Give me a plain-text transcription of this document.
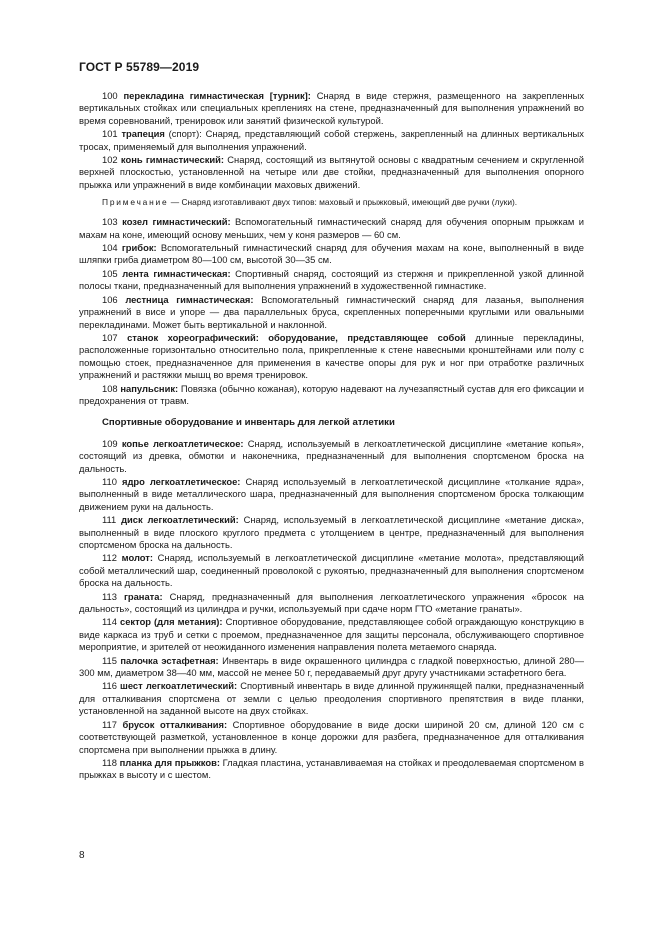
ГОСТ Р 55789—2019

100 перекладина гимнастическая [турник]: Снаряд в виде стержня, размещенного на закрепленных вертикальных стойках или специальных креплениях на стене, предназначенный для выполнения упражнений во время соревнований, тренировок или занятий физической культурой.

101 трапеция (спорт): Снаряд, представляющий собой стержень, закрепленный на длинных вертикальных тросах, применяемый для выполнения упражнений.

102 конь гимнастический: Снаряд, состоящий из вытянутой основы с квадратным сечением и скругленной верхней плоскостью, установленной на четыре или две стойки, предназначенный для выполнения опорного прыжка или упражнений в виде комбинации маховых движений.

Примечание — Снаряд изготавливают двух типов: маховый и прыжковый, имеющий две ручки (луки).

103 козел гимнастический: Вспомогательный гимнастический снаряд для обучения опорным прыжкам и махам на коне, имеющий основу меньших, чем у коня размеров — 60 см.

104 грибок: Вспомогательный гимнастический снаряд для обучения махам на коне, выполненный в виде шляпки гриба диаметром 80—100 см, высотой 30—35 см.

105 лента гимнастическая: Спортивный снаряд, состоящий из стержня и прикрепленной узкой длинной полосы ткани, предназначенный для выполнения упражнений в художественной гимнастике.

106 лестница гимнастическая: Вспомогательный гимнастический снаряд для лазанья, выполнения упражнений в висе и упоре — два параллельных бруса, скрепленных поперечными круглыми или овальными перекладинами. Может быть вертикальной и наклонной.

107 станок хореографический: оборудование, представляющее собой длинные перекладины, расположенные горизонтально относительно пола, прикрепленные к стене навесными кронштейнами или полу с помощью стоек, предназначенное для применения в качестве опоры для рук и ног при отработке различных упражнений и растяжки мышц во время тренировок.

108 напульсник: Повязка (обычно кожаная), которую надевают на лучезапястный сустав для его фиксации и предохранения от травм.

Спортивные оборудование и инвентарь для легкой атлетики

109 копье легкоатлетическое: Снаряд, используемый в легкоатлетической дисциплине «метание копья», состоящий из древка, обмотки и наконечника, предназначенный для выполнения спортсменом броска на дальность.

110 ядро легкоатлетическое: Снаряд используемый в легкоатлетической дисциплине «толкание ядра», выполненный в виде металлического шара, предназначенный для выполнения спортсменом броска толкающим движением руки на дальность.

111 диск легкоатлетический: Снаряд, используемый в легкоатлетической дисциплине «метание диска», выполненный в виде плоского круглого предмета с утолщением в центре, предназначенный для выполнения спортсменом броска на дальность.

112 молот: Снаряд, используемый в легкоатлетической дисциплине «метание молота», представляющий собой металлический шар, соединенный проволокой с рукоятью, предназначенный для выполнения спортсменом броска на дальность.

113 граната: Снаряд, предназначенный для выполнения легкоатлетического упражнения «бросок на дальность», состоящий из цилиндра и ручки, используемый при сдаче норм ГТО «метание гранаты».

114 сектор (для метания): Спортивное оборудование, представляющее собой ограждающую конструкцию в виде каркаса из труб и сетки с проемом, предназначенное для защиты персонала, обслуживающего спортивное мероприятие, и зрителей от неожиданного изменения направления полета метаемого снаряда.

115 палочка эстафетная: Инвентарь в виде окрашенного цилиндра с гладкой поверхностью, длиной 280—300 мм, диаметром 38—40 мм, массой не менее 50 г, передаваемый друг другу участниками эстафетного бега.

116 шест легкоатлетический: Спортивный инвентарь в виде длинной пружинящей палки, предназначенный для отталкивания спортсмена от земли с целью преодоления спортивного препятствия в виде планки, установленной на заданной высоте на двух стойках.

117 брусок отталкивания: Спортивное оборудование в виде доски шириной 20 см, длиной 120 см с соответствующей разметкой, установленное в конце дорожки для разбега, предназначенное для отталкивания спортсмена при выполнении прыжка в длину.

118 планка для прыжков: Гладкая пластина, устанавливаемая на стойках и преодолеваемая спортсменом в прыжках в высоту и с шестом.

8
